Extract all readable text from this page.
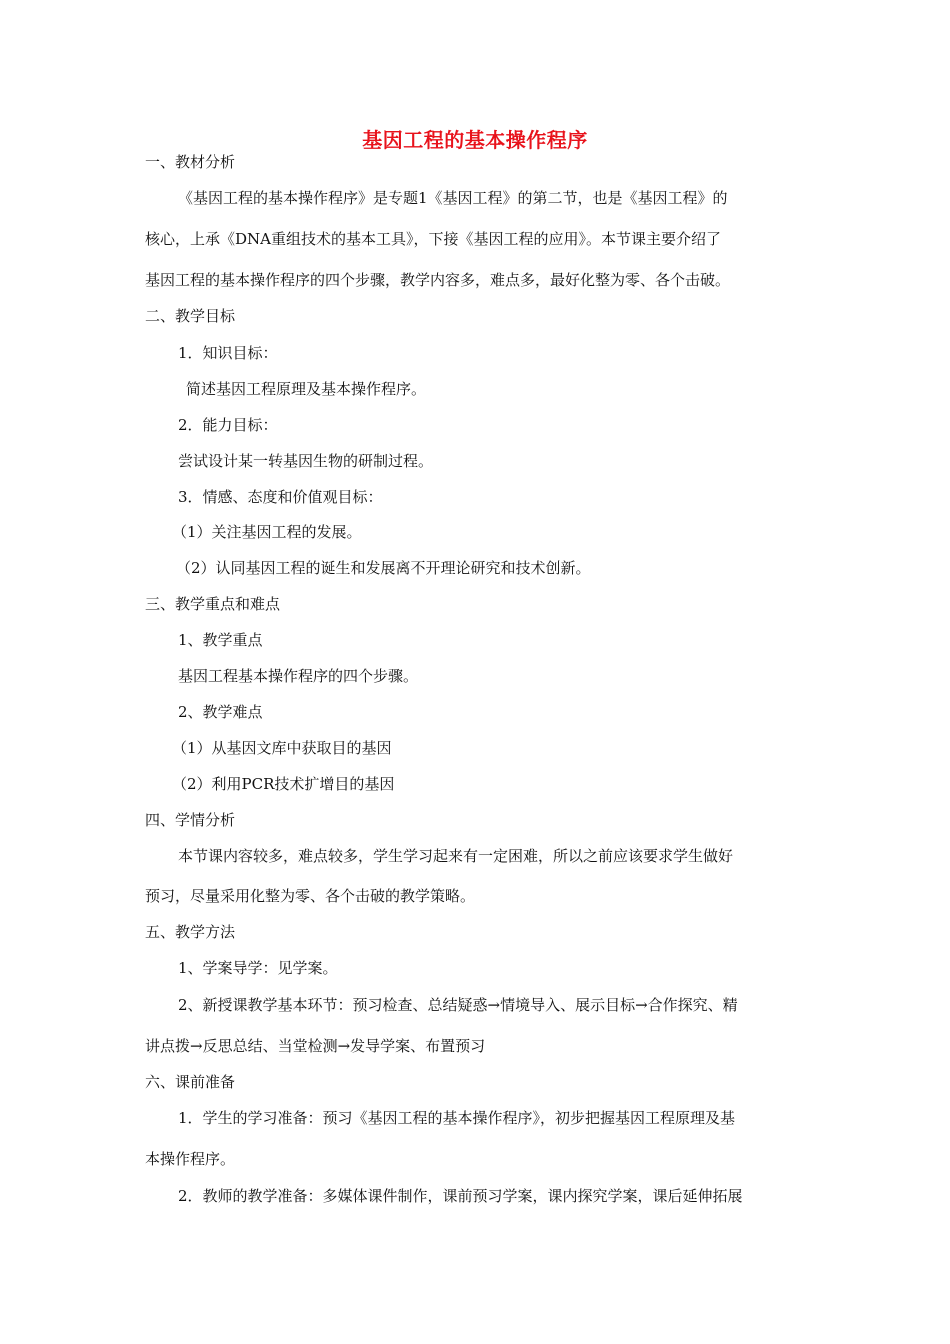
基因工程的基本操作程序
一、教材分析
《基因工程的基本操作程序》是专题1《基因工程》的第二节，也是《基因工程》的
核心，上承《DNA重组技术的基本工具》，下接《基因工程的应用》。本节课主要介绍了
基因工程的基本操作程序的四个步骤，教学内容多，难点多，最好化整为零、各个击破。
二、教学目标
1．知识目标：
简述基因工程原理及基本操作程序。
2．能力目标：
尝试设计某一转基因生物的研制过程。
3．情感、态度和价值观目标：
（1）关注基因工程的发展。
（2）认同基因工程的诞生和发展离不开理论研究和技术创新。
三、教学重点和难点
1、教学重点
基因工程基本操作程序的四个步骤。
2、教学难点
（1）从基因文库中获取目的基因
（2）利用PCR技术扩增目的基因
四、学情分析
本节课内容较多，难点较多，学生学习起来有一定困难，所以之前应该要求学生做好
预习，尽量采用化整为零、各个击破的教学策略。
五、教学方法
1、学案导学：见学案。
2、新授课教学基本环节：预习检查、总结疑惑→情境导入、展示目标→合作探究、精
讲点拨→反思总结、当堂检测→发导学案、布置预习
六、课前准备
1．学生的学习准备：预习《基因工程的基本操作程序》，初步把握基因工程原理及基
本操作程序。
2．教师的教学准备：多媒体课件制作，课前预习学案，课内探究学案，课后延伸拓展
